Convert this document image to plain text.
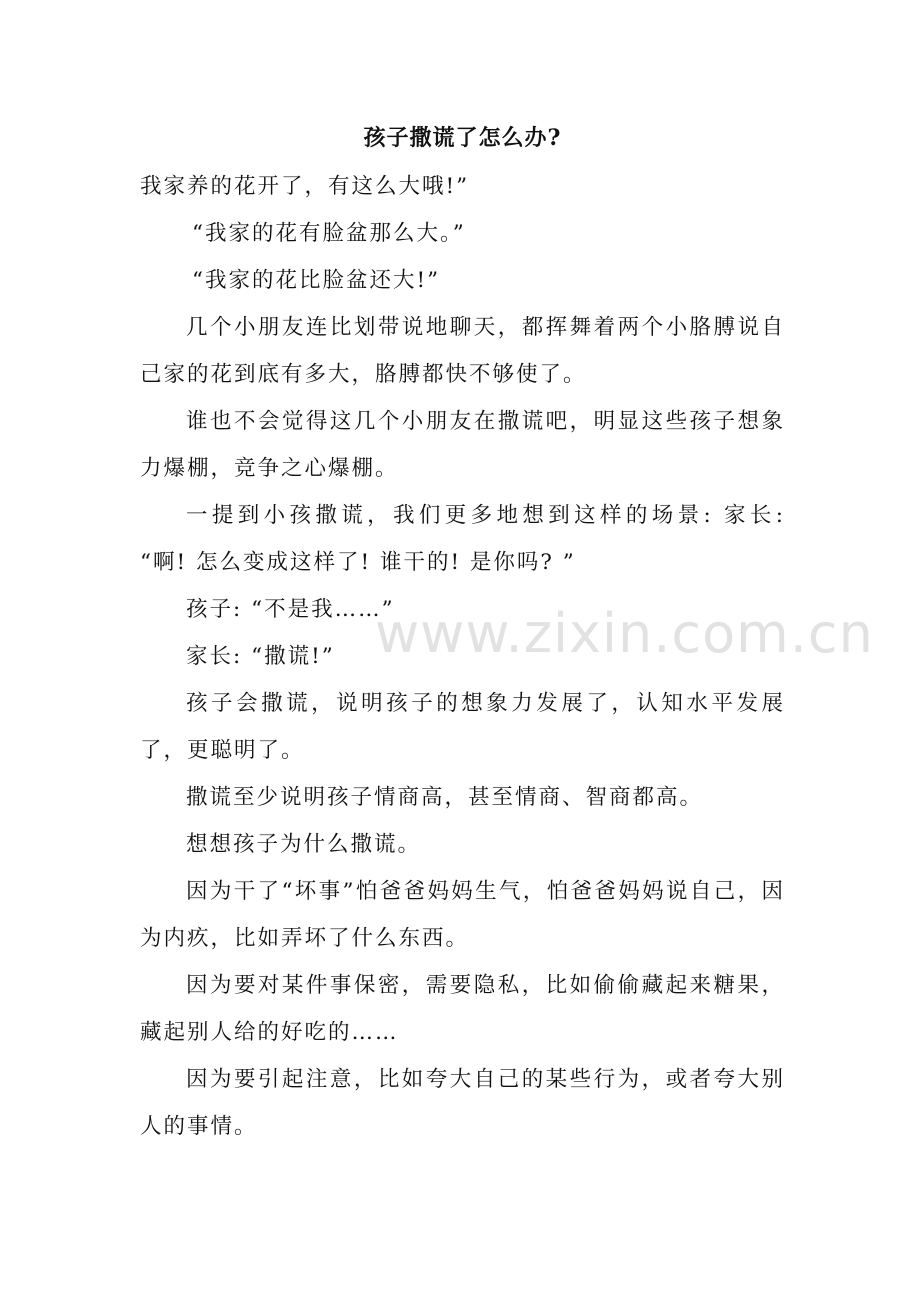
孩子撒谎了怎么办?

我家养的花开了，有这么大哦!”

“我家的花有脸盆那么大。”

“我家的花比脸盆还大!”

几个小朋友连比划带说地聊天，都挥舞着两个小胳膊说自己家的花到底有多大，胳膊都快不够使了。

谁也不会觉得这几个小朋友在撒谎吧，明显这些孩子想象力爆棚，竞争之心爆棚。

一提到小孩撒谎，我们更多地想到这样的场景: 家长: “啊! 怎么变成这样了! 谁干的! 是你吗? ”

孩子: “不是我……”

家长: “撒谎!”

孩子会撒谎，说明孩子的想象力发展了，认知水平发展了，更聪明了。

撒谎至少说明孩子情商高，甚至情商、智商都高。

想想孩子为什么撒谎。

因为干了“坏事”怕爸爸妈妈生气，怕爸爸妈妈说自己，因为内疚，比如弄坏了什么东西。

因为要对某件事保密，需要隐私，比如偷偷藏起来糖果，藏起别人给的好吃的……

因为要引起注意，比如夸大自己的某些行为，或者夸大别人的事情。

www.zixin.com.cn
